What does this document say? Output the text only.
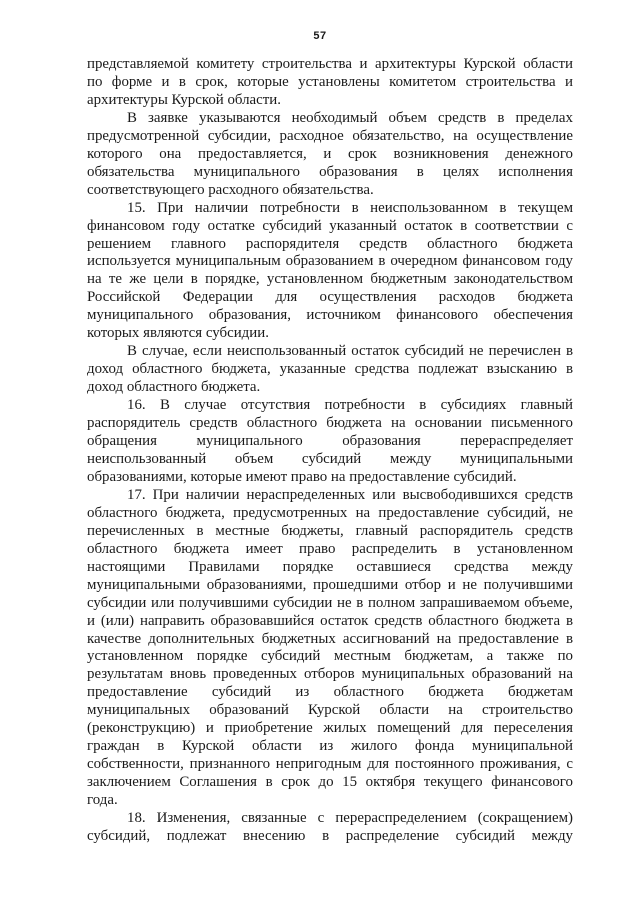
57

представляемой комитету строительства и архитектуры Курской области
по форме и в срок, которые установлены комитетом строительства и
архитектуры Курской области.

В заявке указываются необходимый объем средств в пределах
предусмотренной субсидии, расходное обязательство, на осуществление
которого она предоставляется, и срок возникновения денежного
обязательства муниципального образования в целях исполнения
соответствующего расходного обязательства.

15. При наличии потребности в неиспользованном в текущем
финансовом году остатке субсидий указанный остаток в соответствии с
решением главного распорядителя средств областного бюджета
используется муниципальным образованием в очередном финансовом году
на те же цели в порядке, установленном бюджетным законодательством
Российской Федерации для осуществления расходов бюджета
муниципального образования, источником финансового обеспечения
которых являются субсидии.

В случае, если неиспользованный остаток субсидий не перечислен в
доход областного бюджета, указанные средства подлежат взысканию в
доход областного бюджета.

16. В случае отсутствия потребности в субсидиях главный
распорядитель средств областного бюджета на основании письменного
обращения муниципального образования перераспределяет
неиспользованный объем субсидий между муниципальными
образованиями, которые имеют право на предоставление субсидий.

17. При наличии нераспределенных или высвободившихся средств
областного бюджета, предусмотренных на предоставление субсидий, не
перечисленных в местные бюджеты, главный распорядитель средств
областного бюджета имеет право распределить в установленном
настоящими Правилами порядке оставшиеся средства между
муниципальными образованиями, прошедшими отбор и не получившими
субсидии или получившими субсидии не в полном запрашиваемом объеме,
и (или) направить образовавшийся остаток средств областного бюджета в
качестве дополнительных бюджетных ассигнований на предоставление в
установленном порядке субсидий местным бюджетам, а также по
результатам вновь проведенных отборов муниципальных образований на
предоставление субсидий из областного бюджета бюджетам
муниципальных образований Курской области на строительство
(реконструкцию) и приобретение жилых помещений для переселения
граждан в Курской области из жилого фонда муниципальной
собственности, признанного непригодным для постоянного проживания, с
заключением Соглашения в срок до 15 октября текущего финансового
года.

18. Изменения, связанные с перераспределением (сокращением)
субсидий, подлежат внесению в распределение субсидий между
